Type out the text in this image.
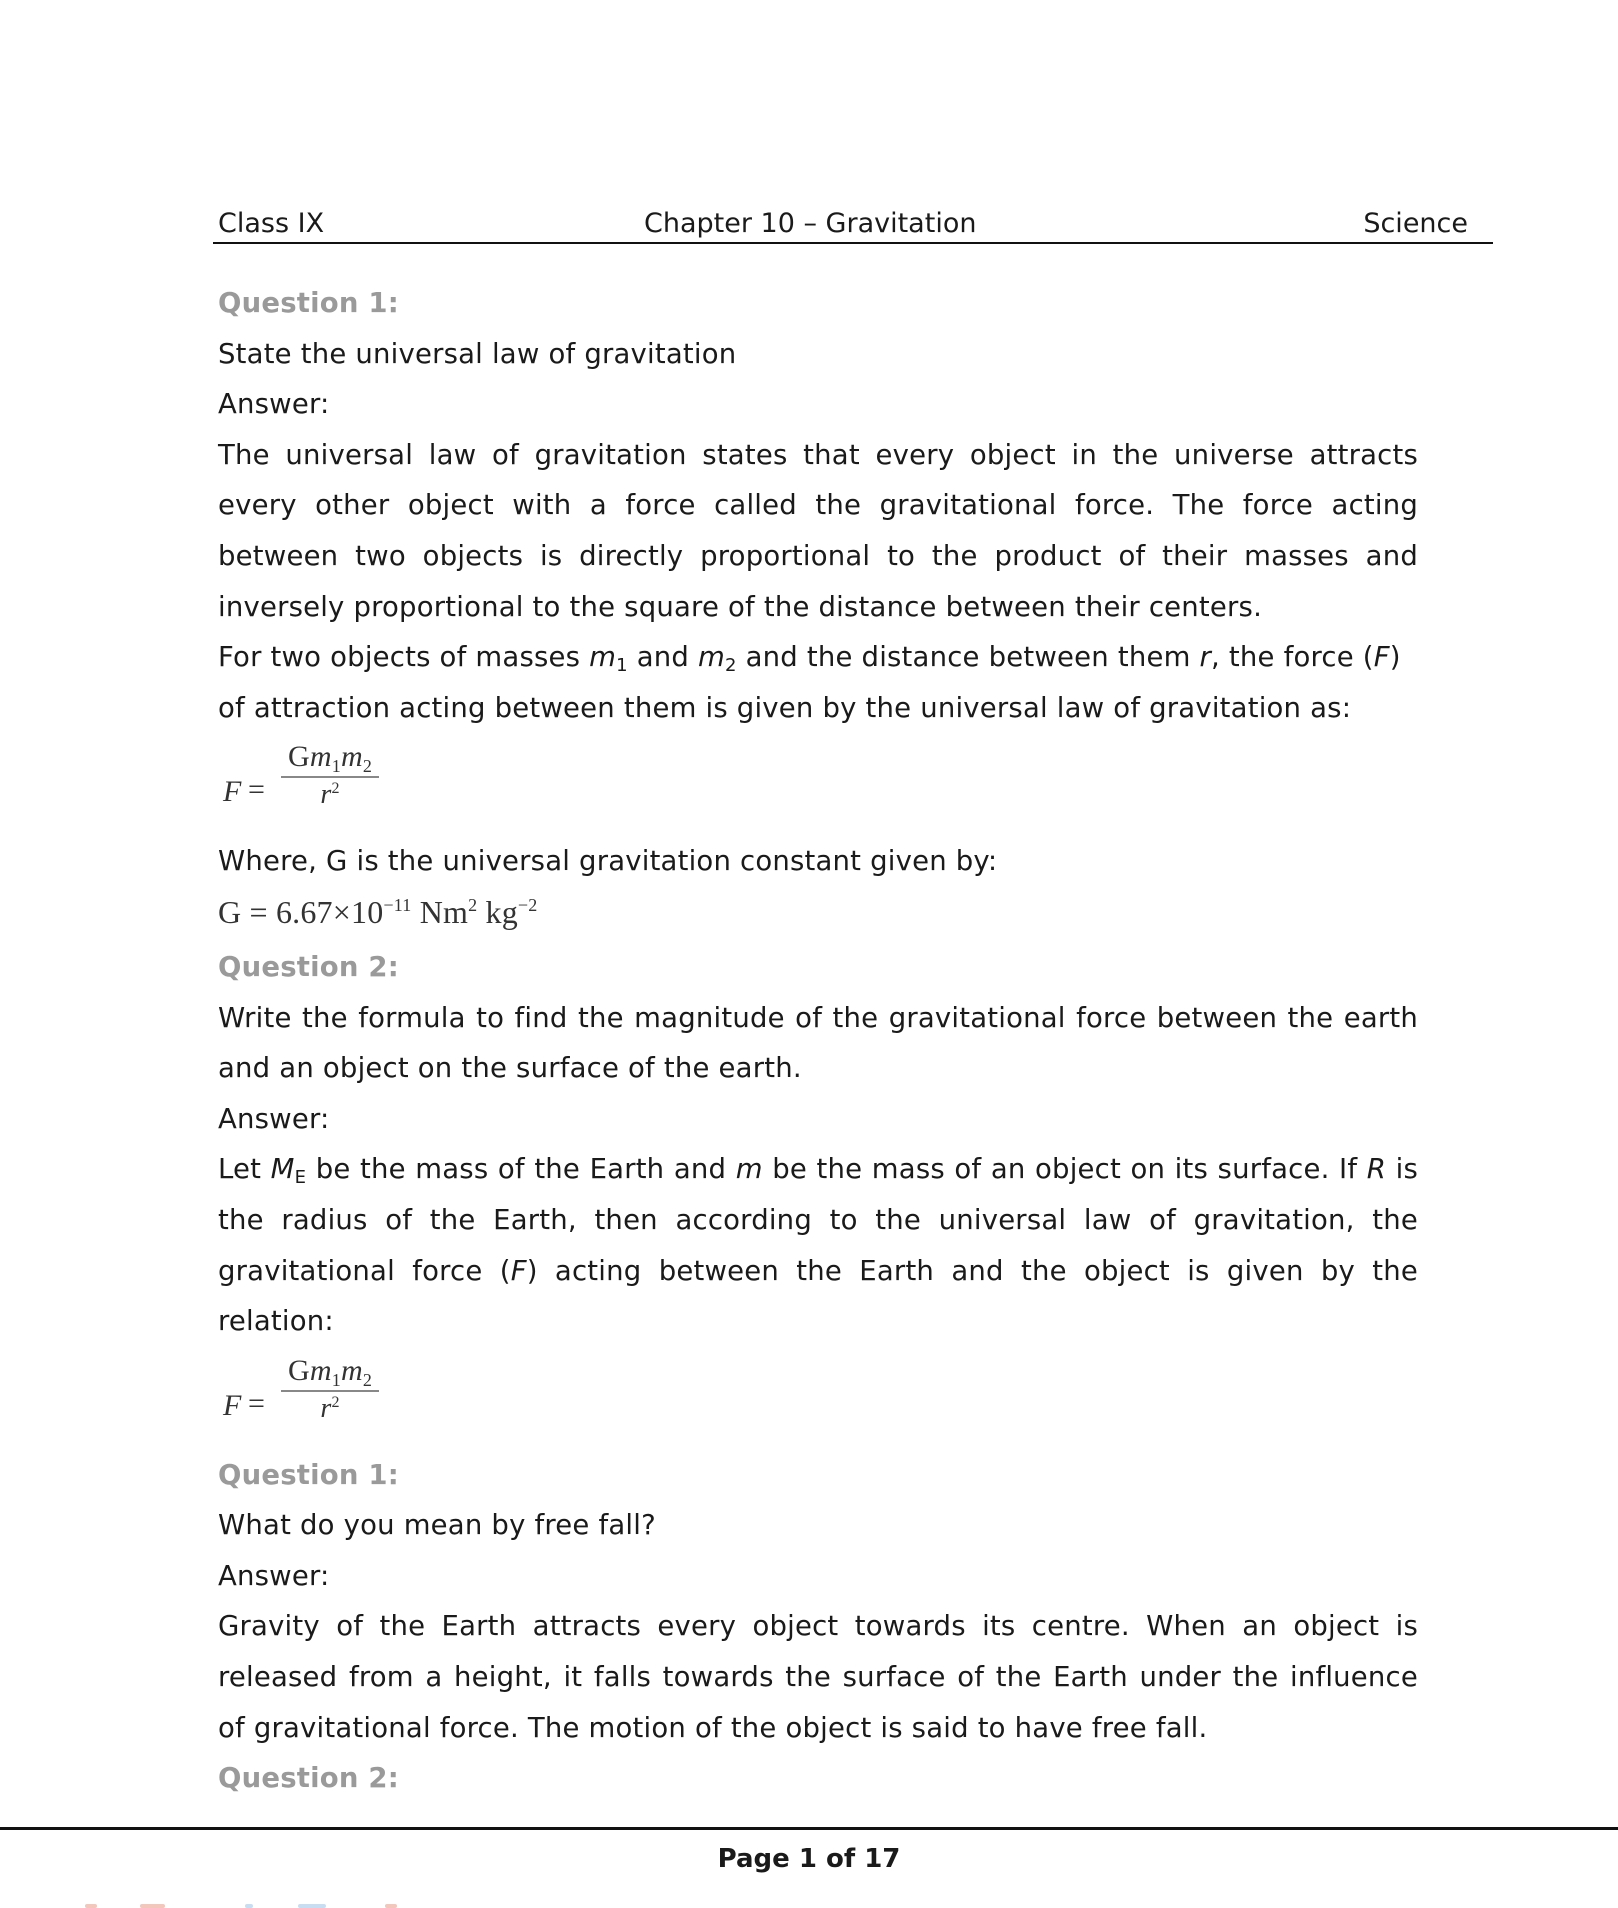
Class IX	Chapter 10 – Gravitation	Science
Question 1:
State the universal law of gravitation
Answer:
The universal law of gravitation states that every object in the universe attracts
every other object with a force called the gravitational force. The force acting
between two objects is directly proportional to the product of their masses and
inversely proportional to the square of the distance between their centers.
For two objects of masses $m_1$ and $m_2$ and the distance between them r, the force (F)
of attraction acting between them is given by the universal law of gravitation as:
$F = \frac{Gm_1m_2}{r^2}$
Where, G is the universal gravitation constant given by:
$G = 6.67\times 10^{-11}$ Nm$^2$ $kg^{-2}$
Question 2:
Write the formula to find the magnitude of the gravitational force between the earth
and an object on the surface of the earth.
Answer:
Let $M_E$ be the mass of the Earth and m be the mass of an object on its surface. If R is
the radius of the Earth, then according to the universal law of gravitation, the
gravitational force (F) acting between the Earth and the object is given by the
relation:
$F = \frac{Gm_1m_2}{r^2}$
Question 1:
What do you mean by free fall?
Answer:
Gravity of the Earth attracts every object towards its centre. When an object is
released from a height, it falls towards the surface of the Earth under the influence
of gravitational force. The motion of the object is said to have free fall.
Question 2:
Page 1 of 17
